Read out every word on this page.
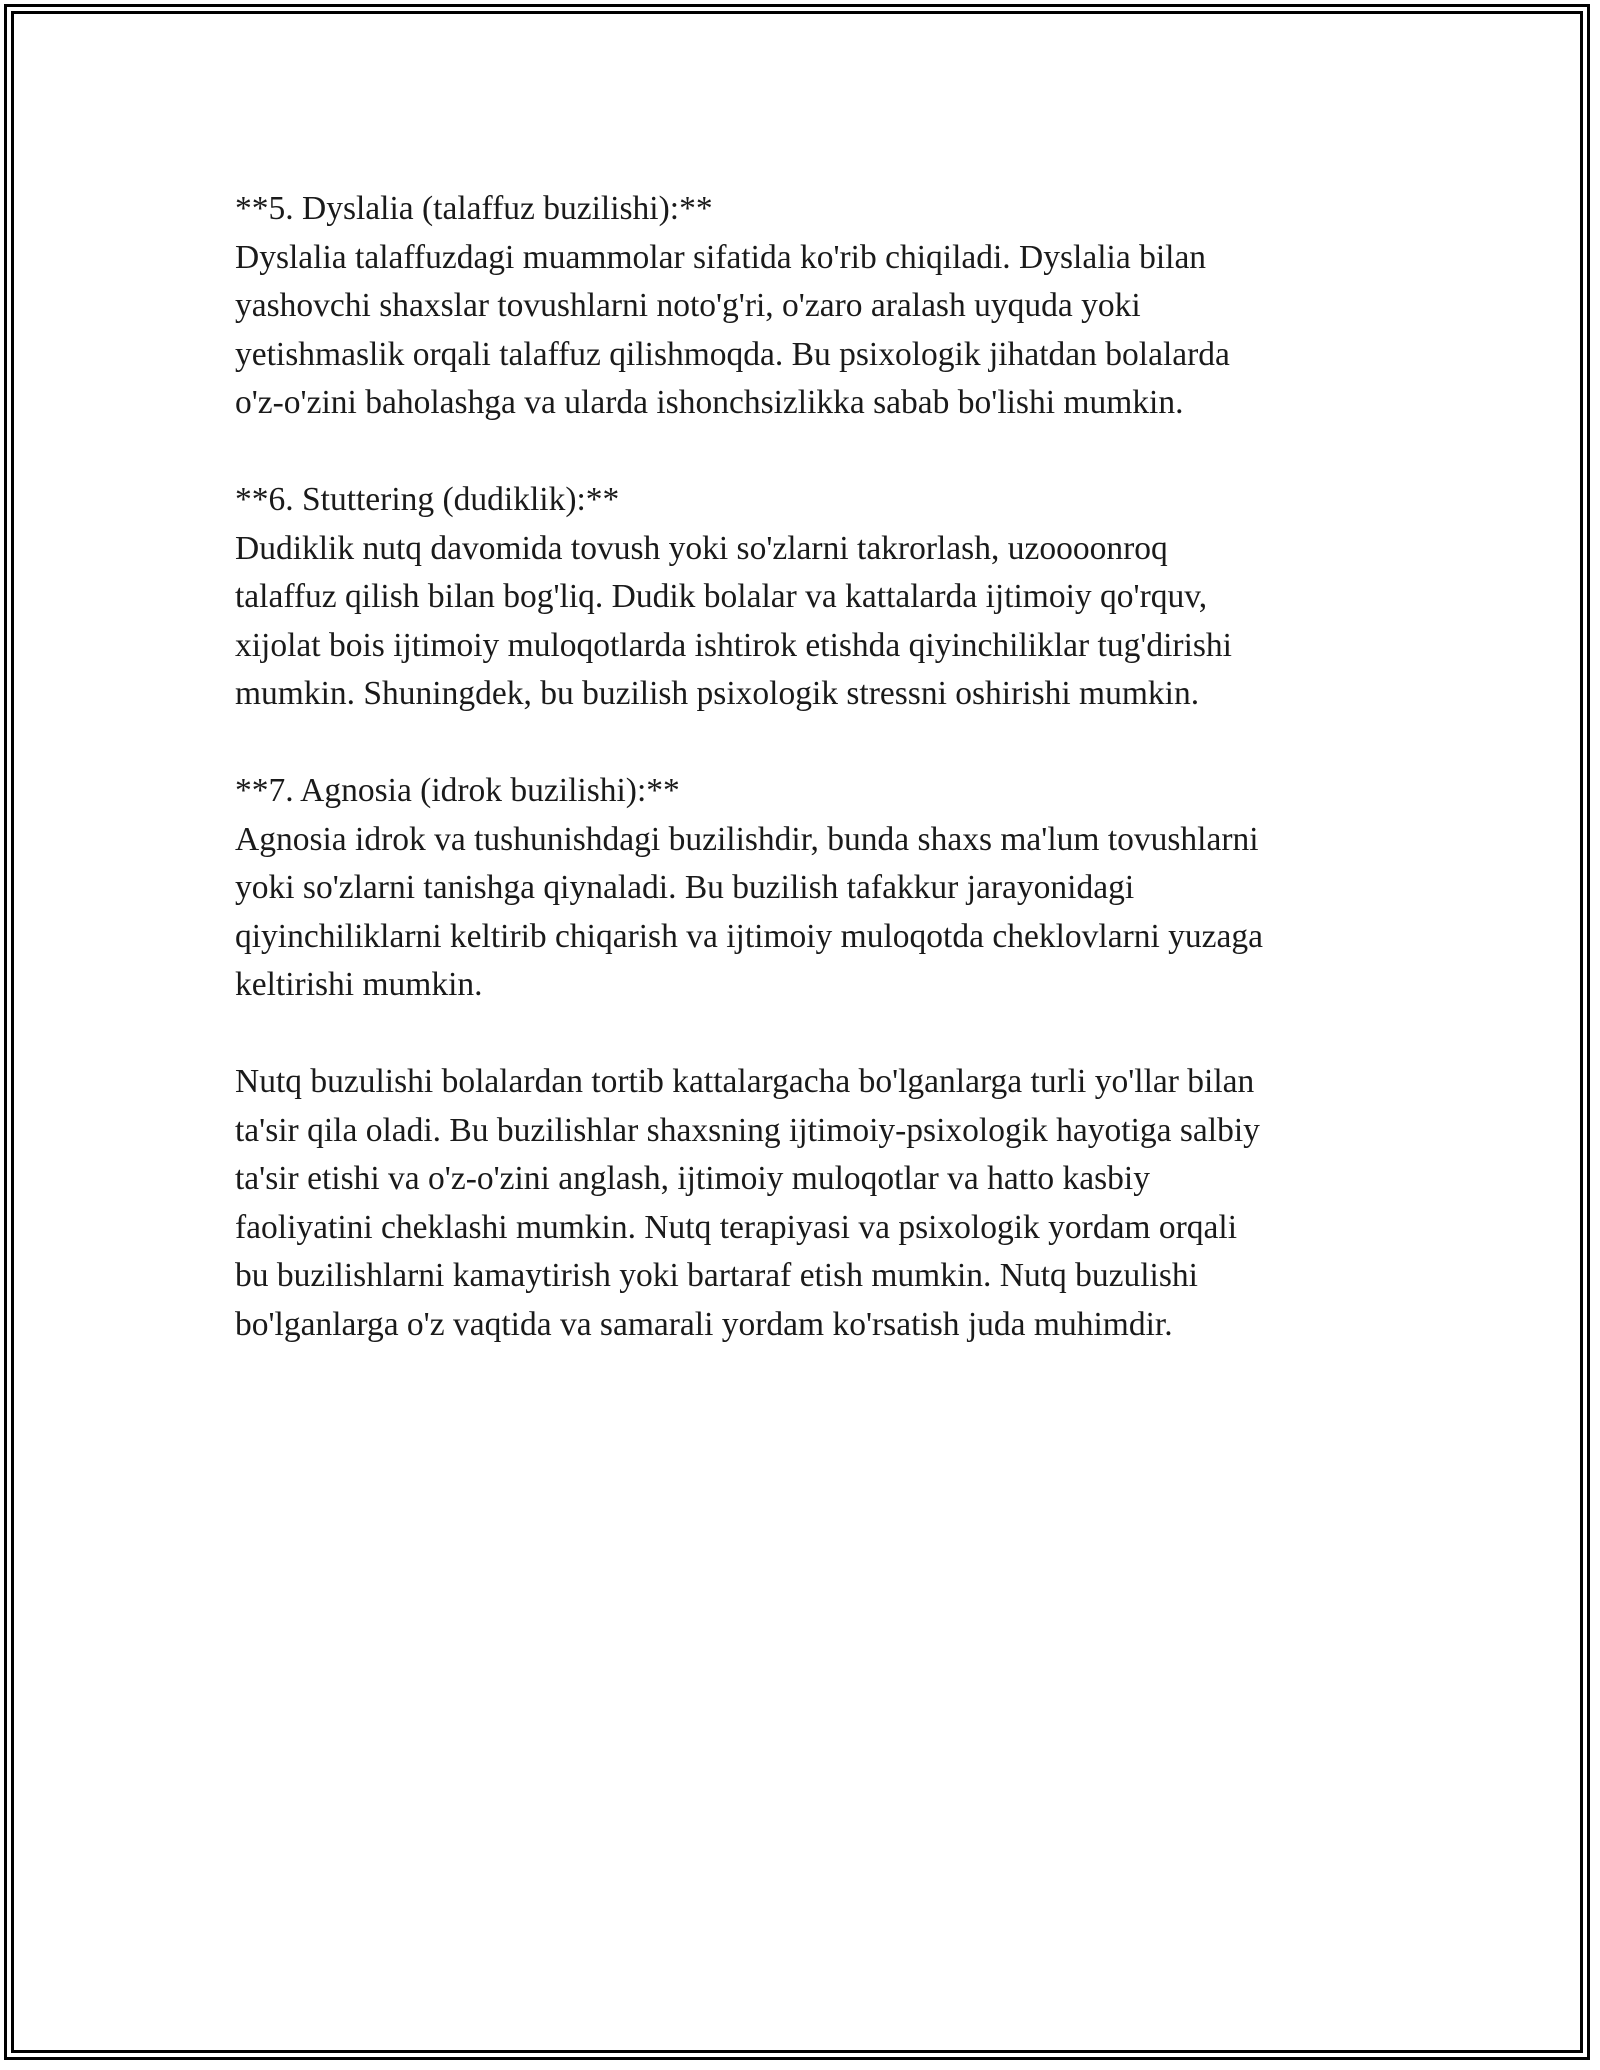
**5. Dyslalia (talaffuz buzilishi):**

Dyslalia talaffuzdagi muammolar sifatida ko'rib chiqiladi. Dyslalia bilan

yashovchi shaxslar tovushlarni noto'g'ri, o'zaro aralash uyquda yoki

yetishmaslik orqali talaffuz qilishmoqda. Bu psixologik jihatdan bolalarda

o'z-o'zini baholashga va ularda ishonchsizlikka sabab bo'lishi mumkin.

**6. Stuttering (dudiklik):**

Dudiklik nutq davomida tovush yoki so'zlarni takrorlash, uzoooonroq

talaffuz qilish bilan bog'liq. Dudik bolalar va kattalarda ijtimoiy qo'rquv,

xijolat bois ijtimoiy muloqotlarda ishtirok etishda qiyinchiliklar tug'dirishi

mumkin. Shuningdek, bu buzilish psixologik stressni oshirishi mumkin.

**7. Agnosia (idrok buzilishi):**

Agnosia idrok va tushunishdagi buzilishdir, bunda shaxs ma'lum tovushlarni

yoki so'zlarni tanishga qiynaladi. Bu buzilish tafakkur jarayonidagi

qiyinchiliklarni keltirib chiqarish va ijtimoiy muloqotda cheklovlarni yuzaga

keltirishi mumkin.

Nutq buzulishi bolalardan tortib kattalargacha bo'lganlarga turli yo'llar bilan

ta'sir qila oladi. Bu buzilishlar shaxsning ijtimoiy-psixologik hayotiga salbiy

ta'sir etishi va o'z-o'zini anglash, ijtimoiy muloqotlar va hatto kasbiy

faoliyatini cheklashi mumkin. Nutq terapiyasi va psixologik yordam orqali

bu buzilishlarni kamaytirish yoki bartaraf etish mumkin. Nutq buzulishi

bo'lganlarga o'z vaqtida va samarali yordam ko'rsatish juda muhimdir.
